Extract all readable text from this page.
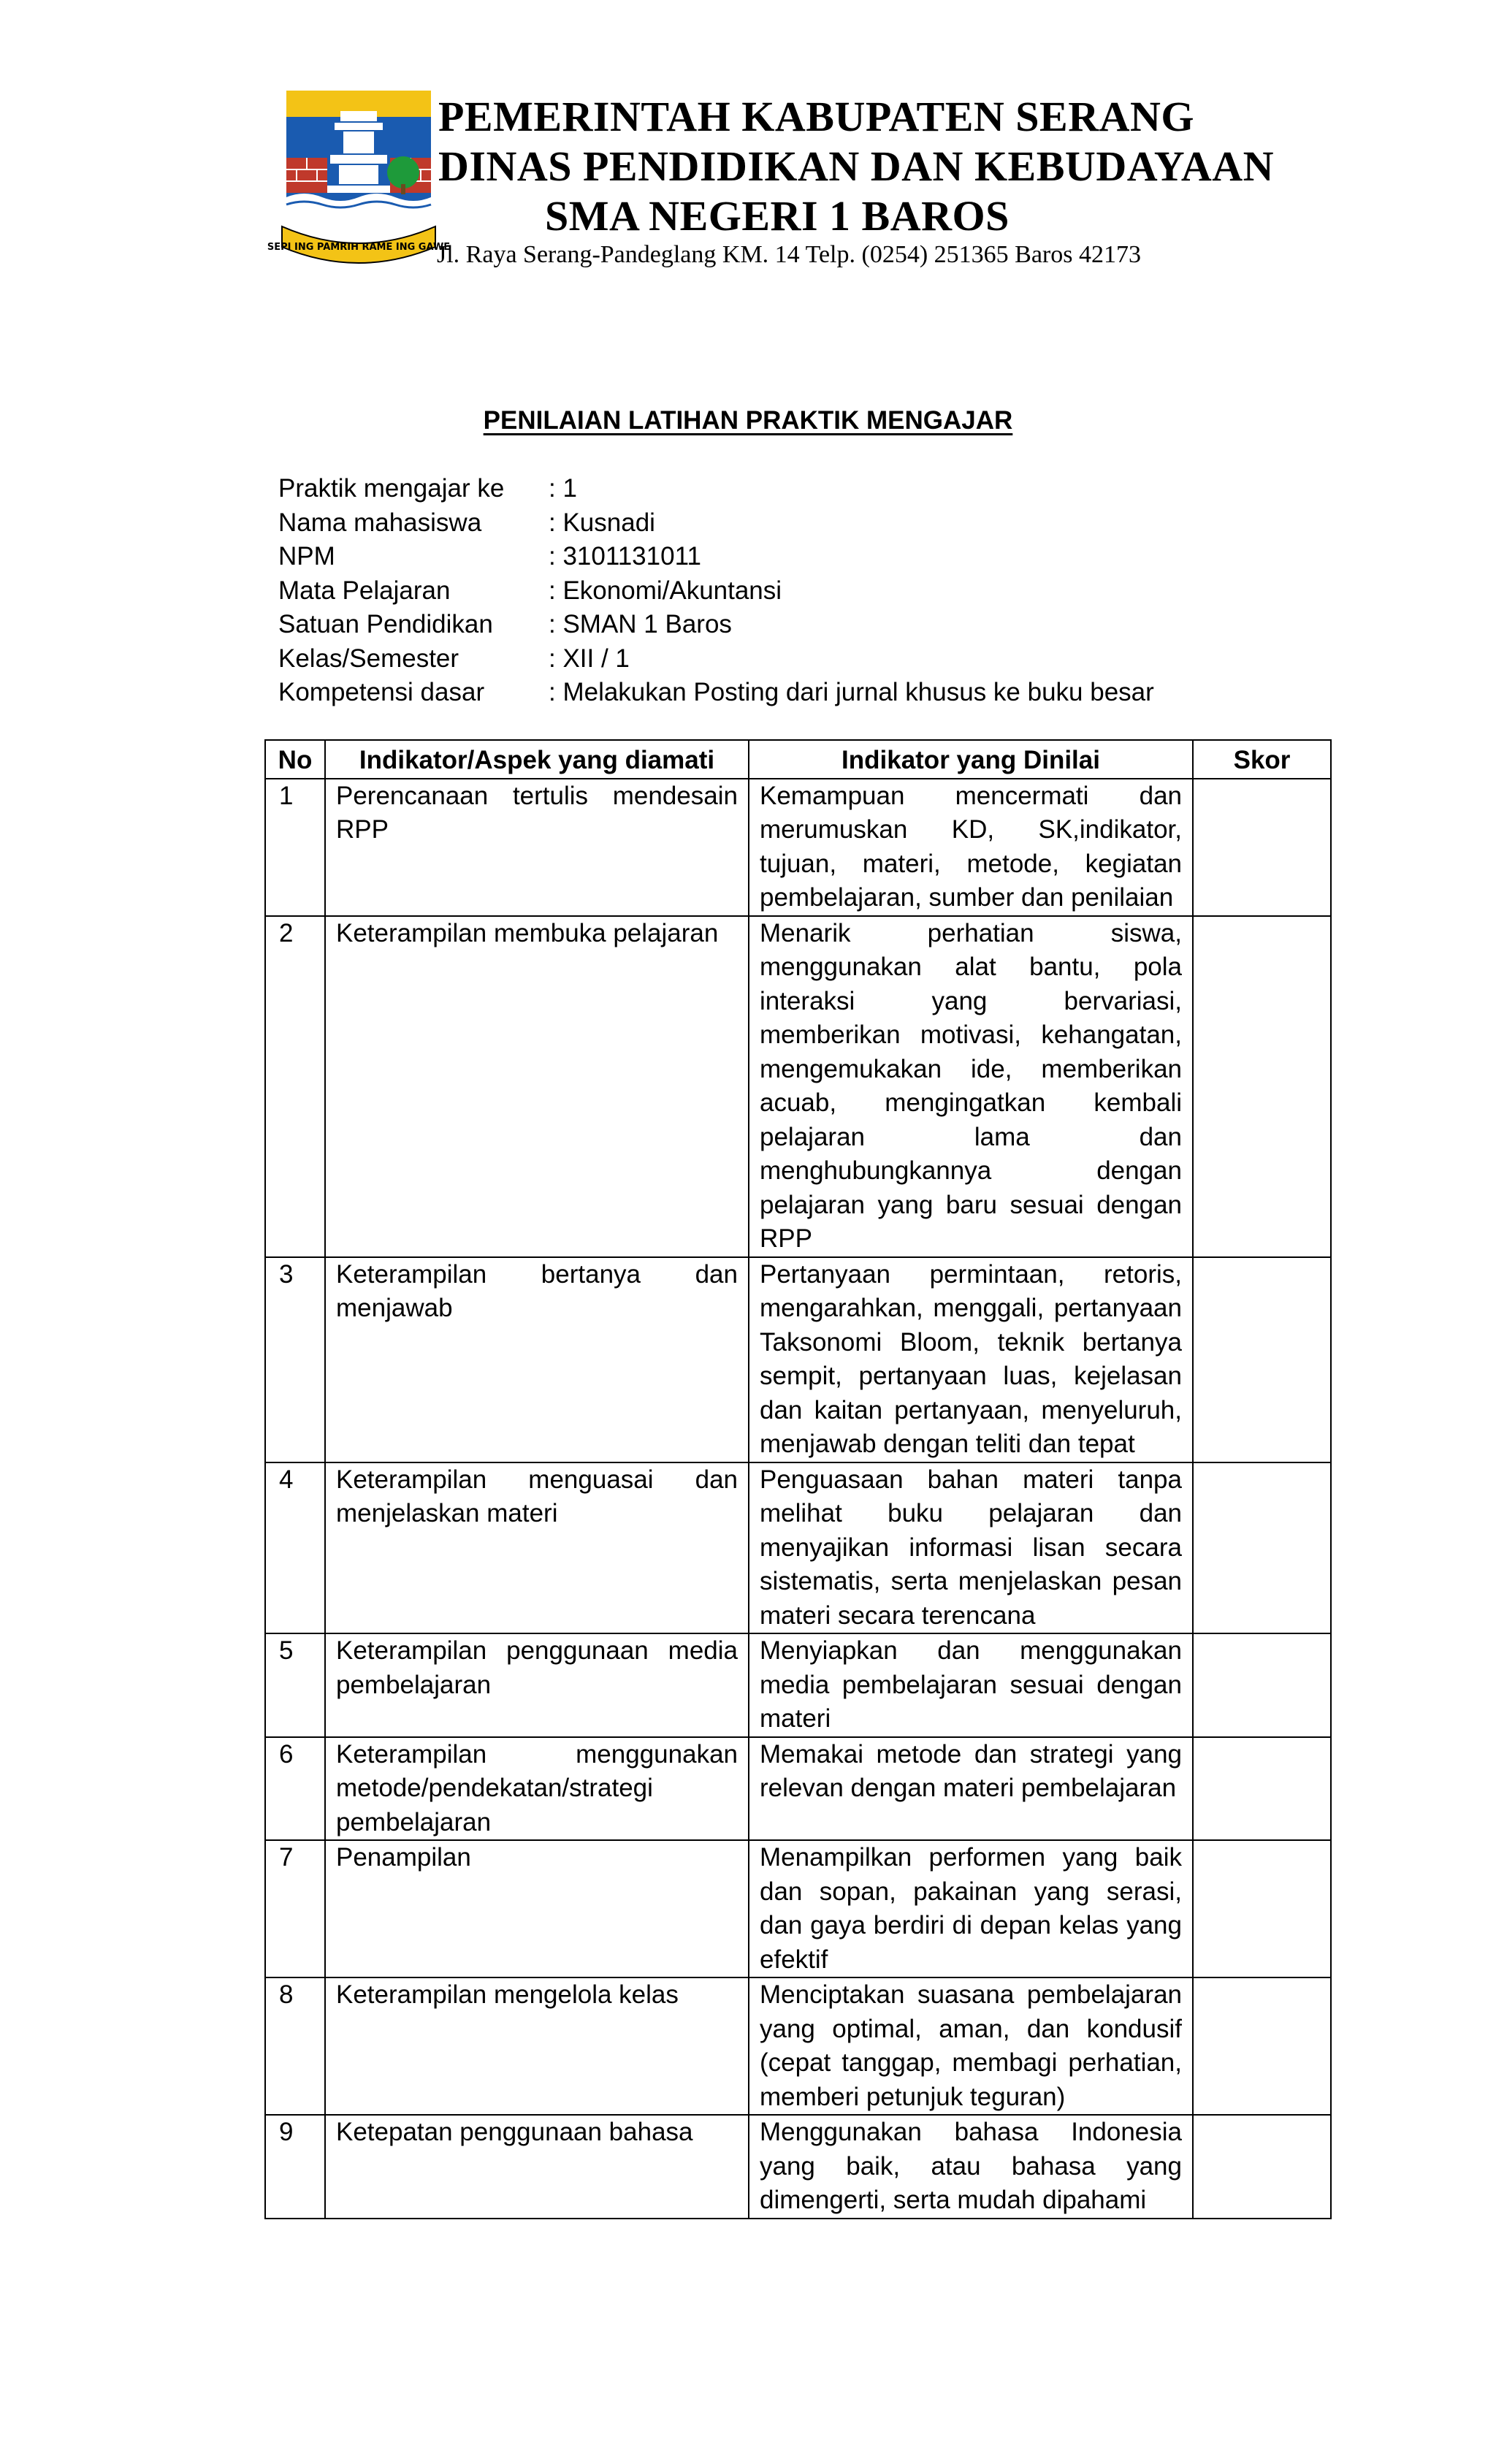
PEMERINTAH KABUPATEN SERANG
DINAS PENDIDIKAN DAN KEBUDAYAAN
SMA NEGERI 1 BAROS
Jl. Raya Serang-Pandeglang KM. 14 Telp. (0254) 251365 Baros 42173
SEPI ING PAMRIH RAME ING GAWE
PENILAIAN LATIHAN PRAKTIK MENGAJAR
Praktik mengajar ke	: 1
Nama mahasiswa	: Kusnadi
NPM	: 3101131011
Mata Pelajaran	: Ekonomi/Akuntansi
Satuan Pendidikan	: SMAN 1 Baros
Kelas/Semester	: XII / 1
Kompetensi dasar	: Melakukan Posting dari jurnal khusus ke buku besar
No	Indikator/Aspek yang diamati	Indikator yang Dinilai	Skor
1	Perencanaan tertulis mendesain RPP	Kemampuan mencermati dan merumuskan KD, SK,indikator, tujuan, materi, metode, kegiatan pembelajaran, sumber dan penilaian	
2	Keterampilan membuka pelajaran	Menarik perhatian siswa, menggunakan alat bantu, pola interaksi yang bervariasi, memberikan motivasi, kehangatan, mengemukakan ide, memberikan acuab, mengingatkan kembali pelajaran lama dan menghubungkannya dengan pelajaran yang baru sesuai dengan RPP	
3	Keterampilan bertanya dan menjawab	Pertanyaan permintaan, retoris, mengarahkan, menggali, pertanyaan Taksonomi Bloom, teknik bertanya sempit, pertanyaan luas, kejelasan dan kaitan pertanyaan, menyeluruh, menjawab dengan teliti dan tepat	
4	Keterampilan menguasai dan menjelaskan materi	Penguasaan bahan materi tanpa melihat buku pelajaran dan menyajikan informasi lisan secara sistematis, serta menjelaskan pesan materi secara terencana	
5	Keterampilan penggunaan media pembelajaran	Menyiapkan dan menggunakan media pembelajaran sesuai dengan materi	
6	Keterampilan menggunakan metode/pendekatan/strategi pembelajaran	Memakai metode dan strategi yang relevan dengan materi pembelajaran	
7	Penampilan	Menampilkan performen yang baik dan sopan, pakainan yang serasi, dan gaya berdiri di depan kelas yang efektif	
8	Keterampilan mengelola kelas	Menciptakan suasana pembelajaran yang optimal, aman, dan kondusif (cepat tanggap, membagi perhatian, memberi petunjuk teguran)	
9	Ketepatan penggunaan bahasa	Menggunakan bahasa Indonesia yang baik, atau bahasa yang dimengerti, serta mudah dipahami	
